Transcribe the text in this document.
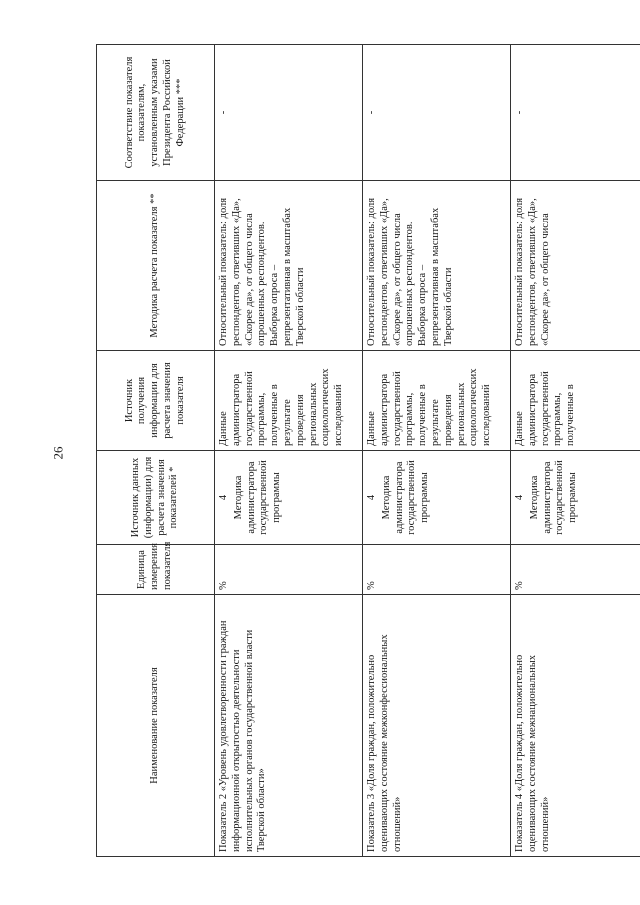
26
Наименование показателя	Единица измерения показателя	Источник данных (информации) для расчета значения показателей *	Источник получения информации для расчета значения показателя	Методика расчета показателя **	Соответствие показателя показателям, установленным указами Президента Российской Федерации ***
Показатель 2 «Уровень удовлетворенности граждан информационной открытостью деятельности исполнительных органов государственной власти Тверской области»	%	4 Методика администратора государственной программы	Данные администратора государственной программы, полученные в результате проведения региональных социологических исследований	Относительный показатель: доля респондентов, ответивших «Да», «Скорее да», от общего числа опрошенных респондентов. Выборка опроса – репрезентативная в масштабах Тверской области	-
Показатель 3 «Доля граждан, положительно оценивающих состояние межконфессиональных отношений»	%	4 Методика администратора государственной программы	Данные администратора государственной программы, полученные в результате проведения региональных социологических исследований	Относительный показатель: доля респондентов, ответивших «Да», «Скорее да», от общего числа опрошенных респондентов. Выборка опроса – репрезентативная в масштабах Тверской области	-
Показатель 4 «Доля граждан, положительно оценивающих состояние межнациональных отношений»	%	4 Методика администратора государственной программы	Данные администратора государственной программы, полученные в	Относительный показатель: доля респондентов, ответивших «Да», «Скорее да», от общего числа	-
